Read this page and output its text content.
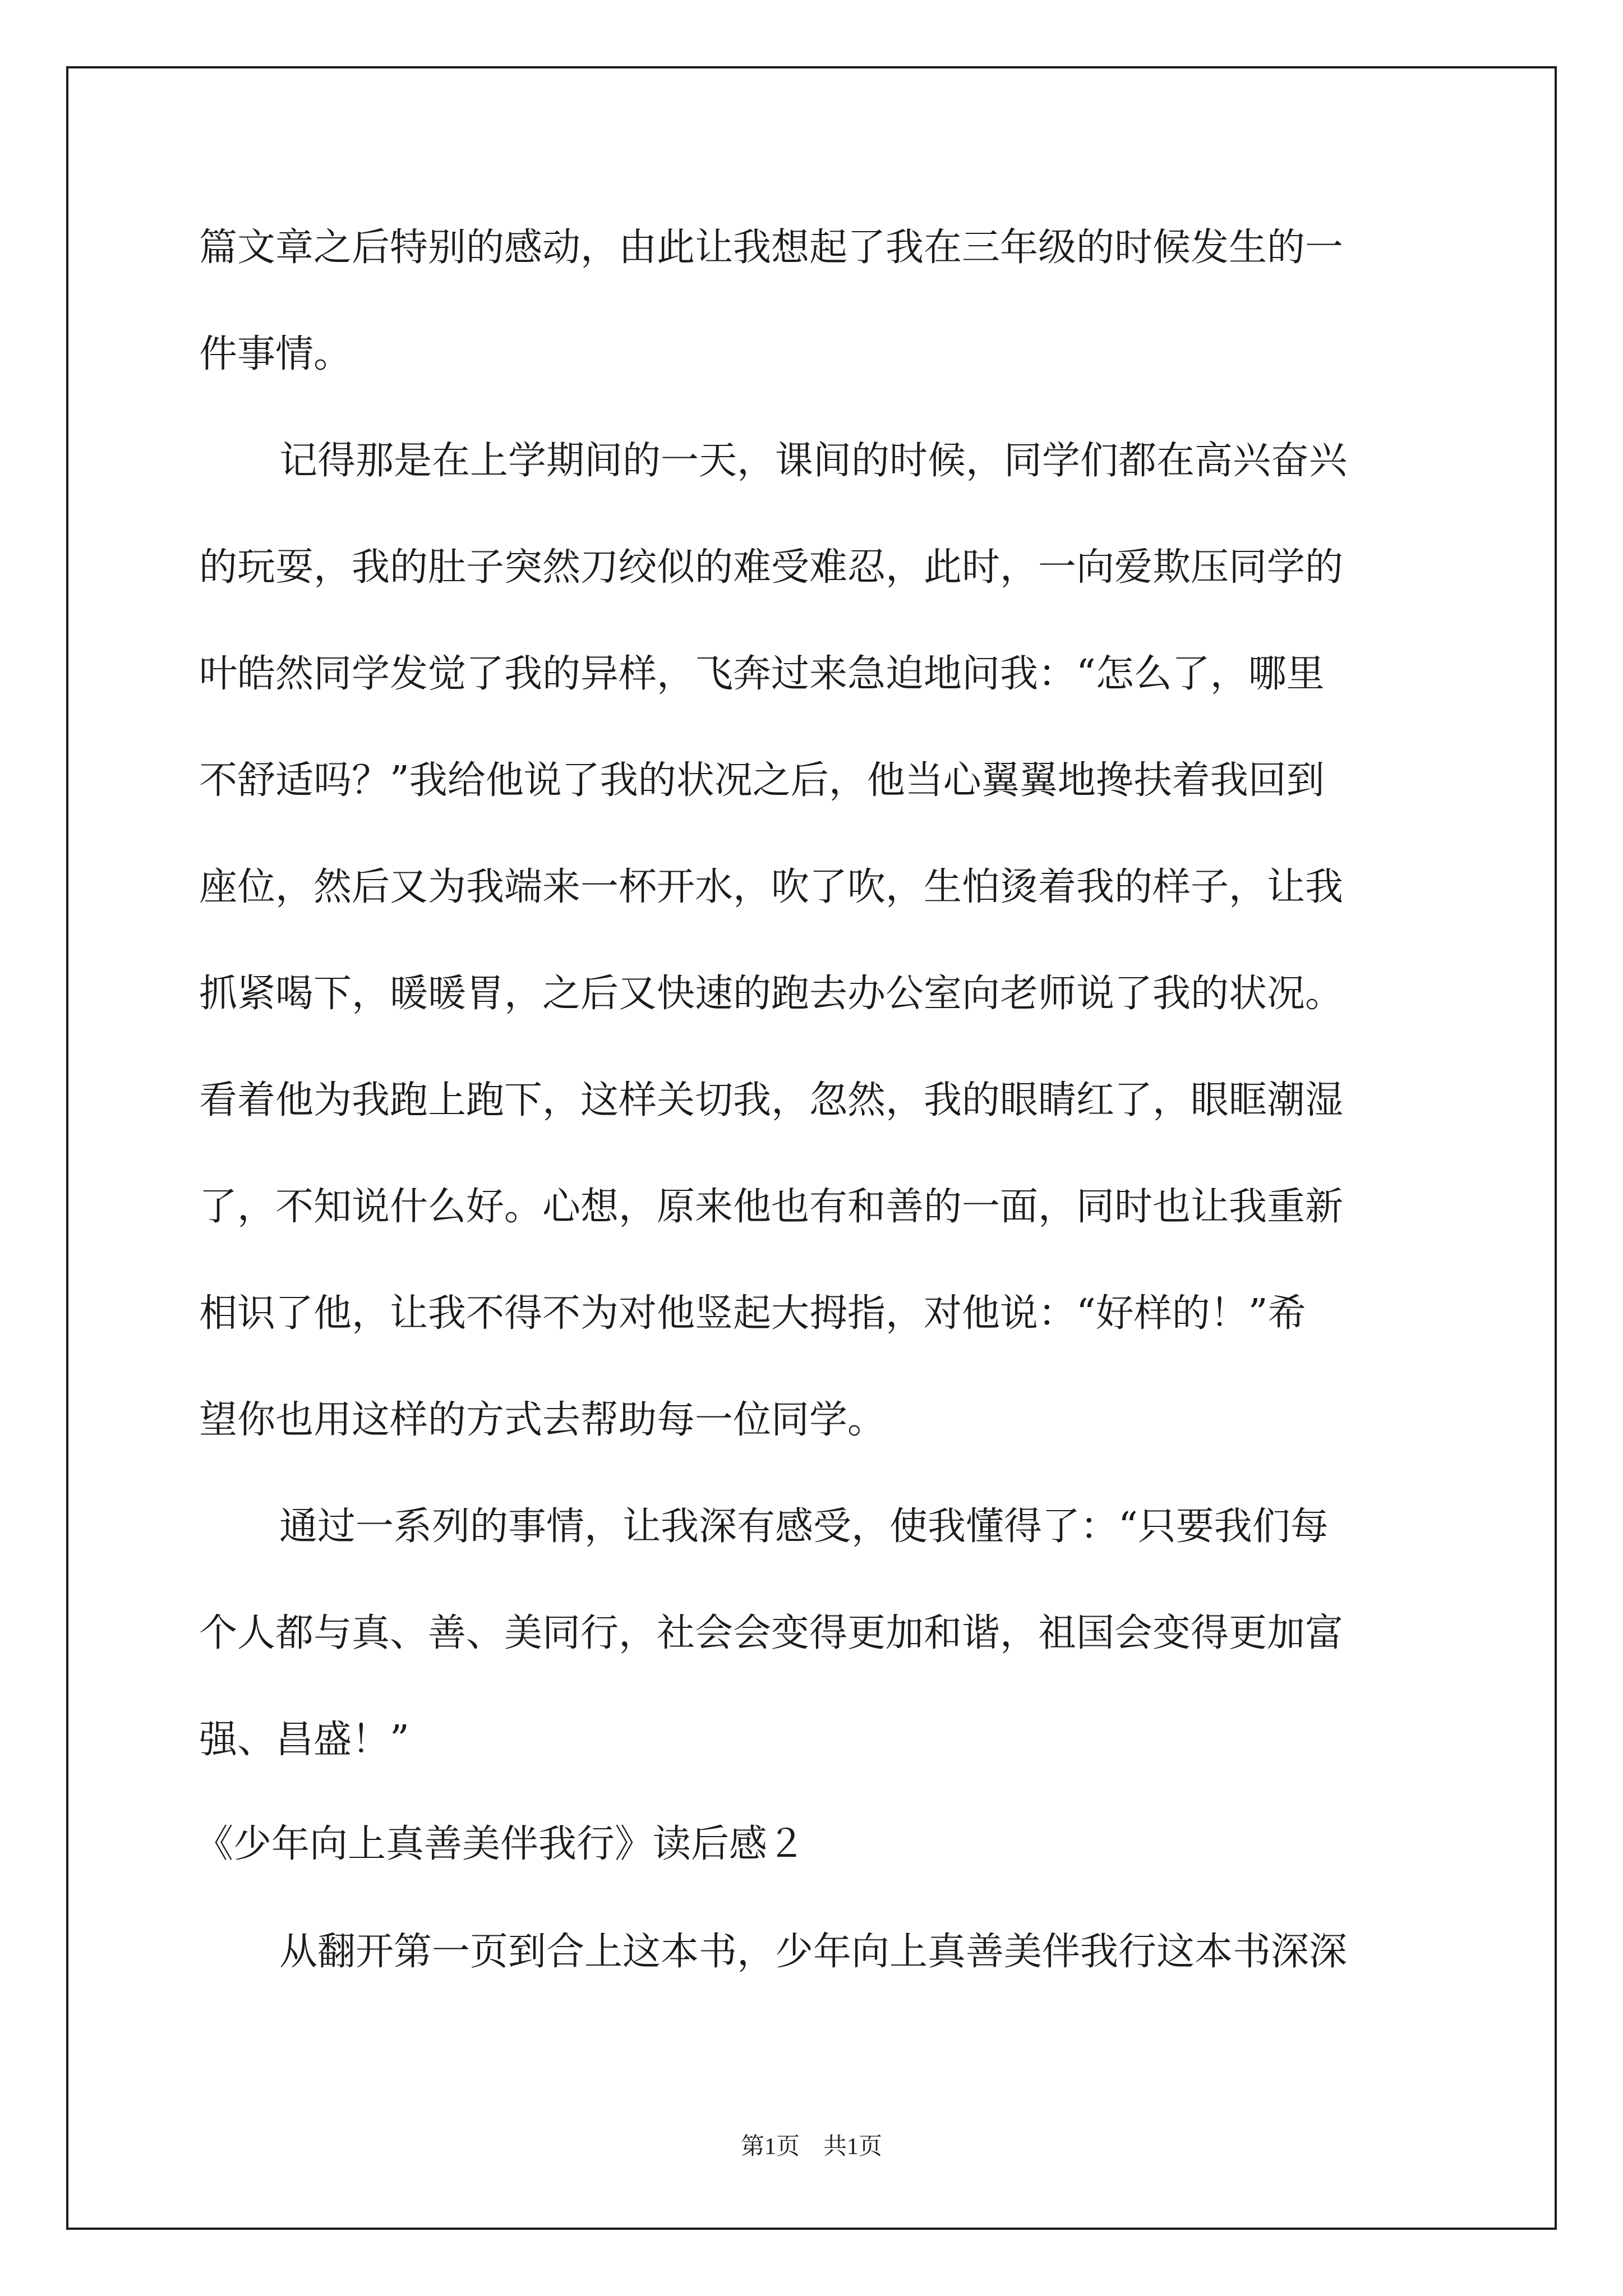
篇文章之后特别的感动，由此让我想起了我在三年级的时候发生的一

件事情。

记得那是在上学期间的一天，课间的时候，同学们都在高兴奋兴

的玩耍，我的肚子突然刀绞似的难受难忍，此时，一向爱欺压同学的

叶皓然同学发觉了我的异样，飞奔过来急迫地问我：“怎么了，哪里

不舒适吗？”我给他说了我的状况之后，他当心翼翼地搀扶着我回到

座位，然后又为我端来一杯开水，吹了吹，生怕烫着我的样子，让我

抓紧喝下，暖暖胃，之后又快速的跑去办公室向老师说了我的状况。

看着他为我跑上跑下，这样关切我，忽然，我的眼睛红了，眼眶潮湿

了，不知说什么好。心想，原来他也有和善的一面，同时也让我重新

相识了他，让我不得不为对他竖起大拇指，对他说：“好样的！”希

望你也用这样的方式去帮助每一位同学。

通过一系列的事情，让我深有感受，使我懂得了：“只要我们每

个人都与真、善、美同行，社会会变得更加和谐，祖国会变得更加富

强、昌盛！”

《少年向上真善美伴我行》读后感２

从翻开第一页到合上这本书，少年向上真善美伴我行这本书深深

第1页　共1页
